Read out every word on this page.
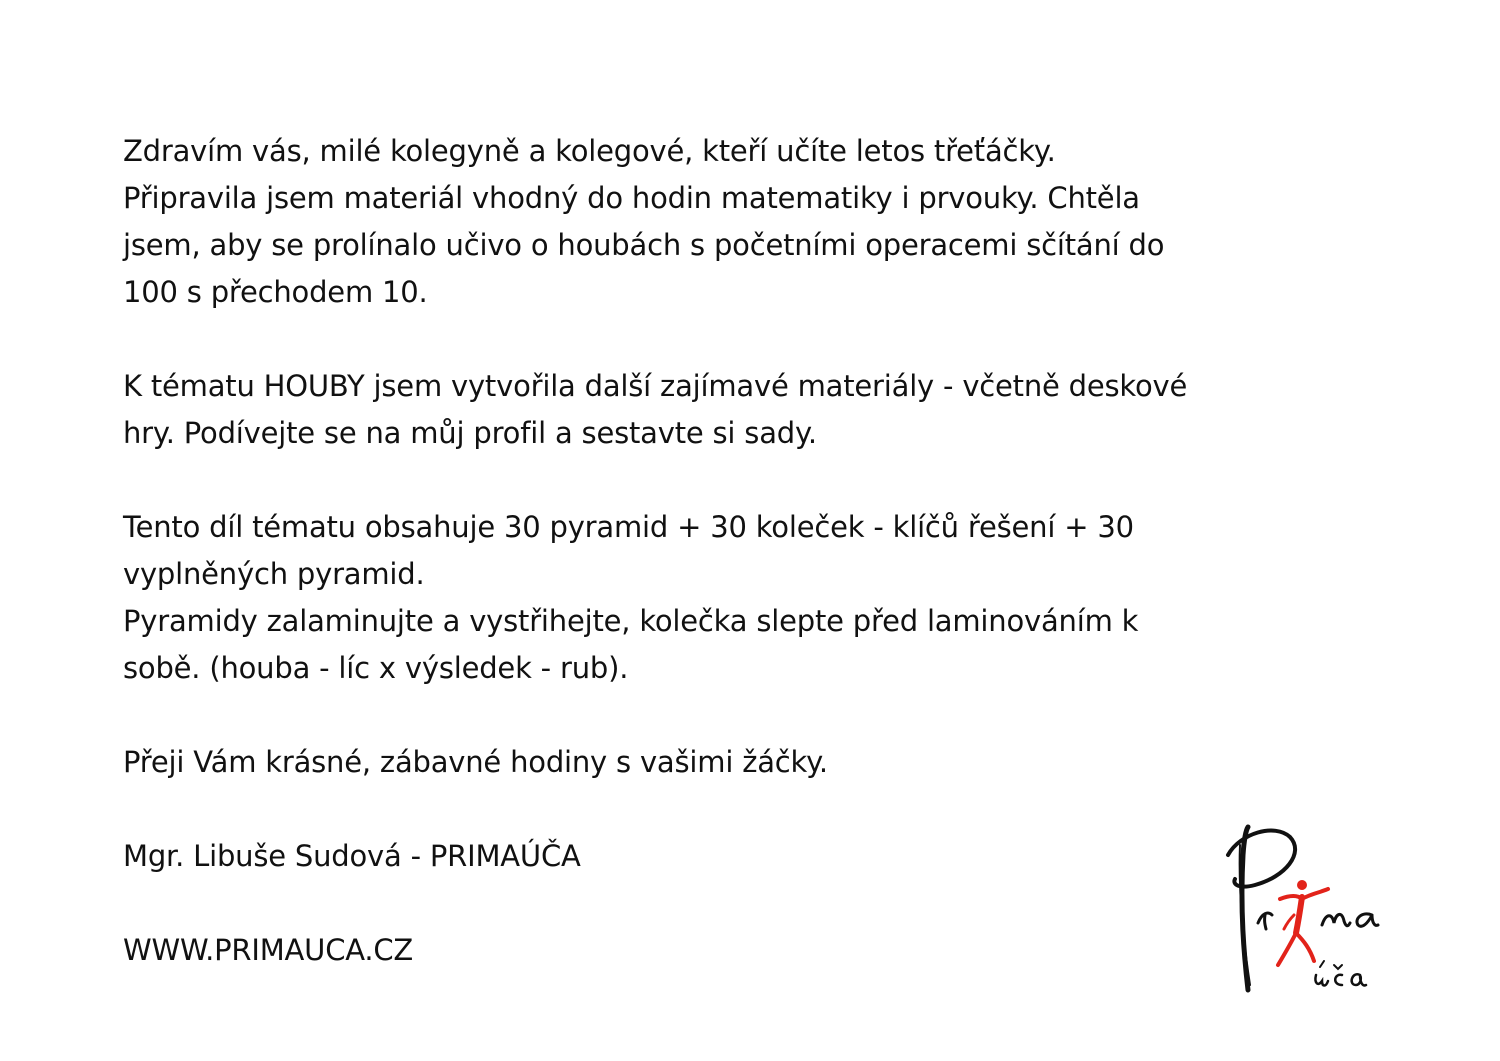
Zdravím vás, milé kolegyně a kolegové, kteří učíte letos třeťáčky.
Připravila jsem materiál vhodný do hodin matematiky i prvouky. Chtěla
jsem, aby se prolínalo učivo o houbách s početními operacemi sčítání do
100 s přechodem 10.

K tématu HOUBY jsem vytvořila další zajímavé materiály - včetně deskové
hry. Podívejte se na můj profil a sestavte si sady.

Tento díl tématu obsahuje 30 pyramid + 30 koleček - klíčů řešení + 30
vyplněných pyramid.
Pyramidy zalaminujte a vystřihejte, kolečka slepte před laminováním k
sobě. (houba - líc x výsledek - rub).

Přeji Vám krásné, zábavné hodiny s vašimi žáčky.

Mgr. Libuše Sudová - PRIMAÚČA

WWW.PRIMAUCA.CZ
